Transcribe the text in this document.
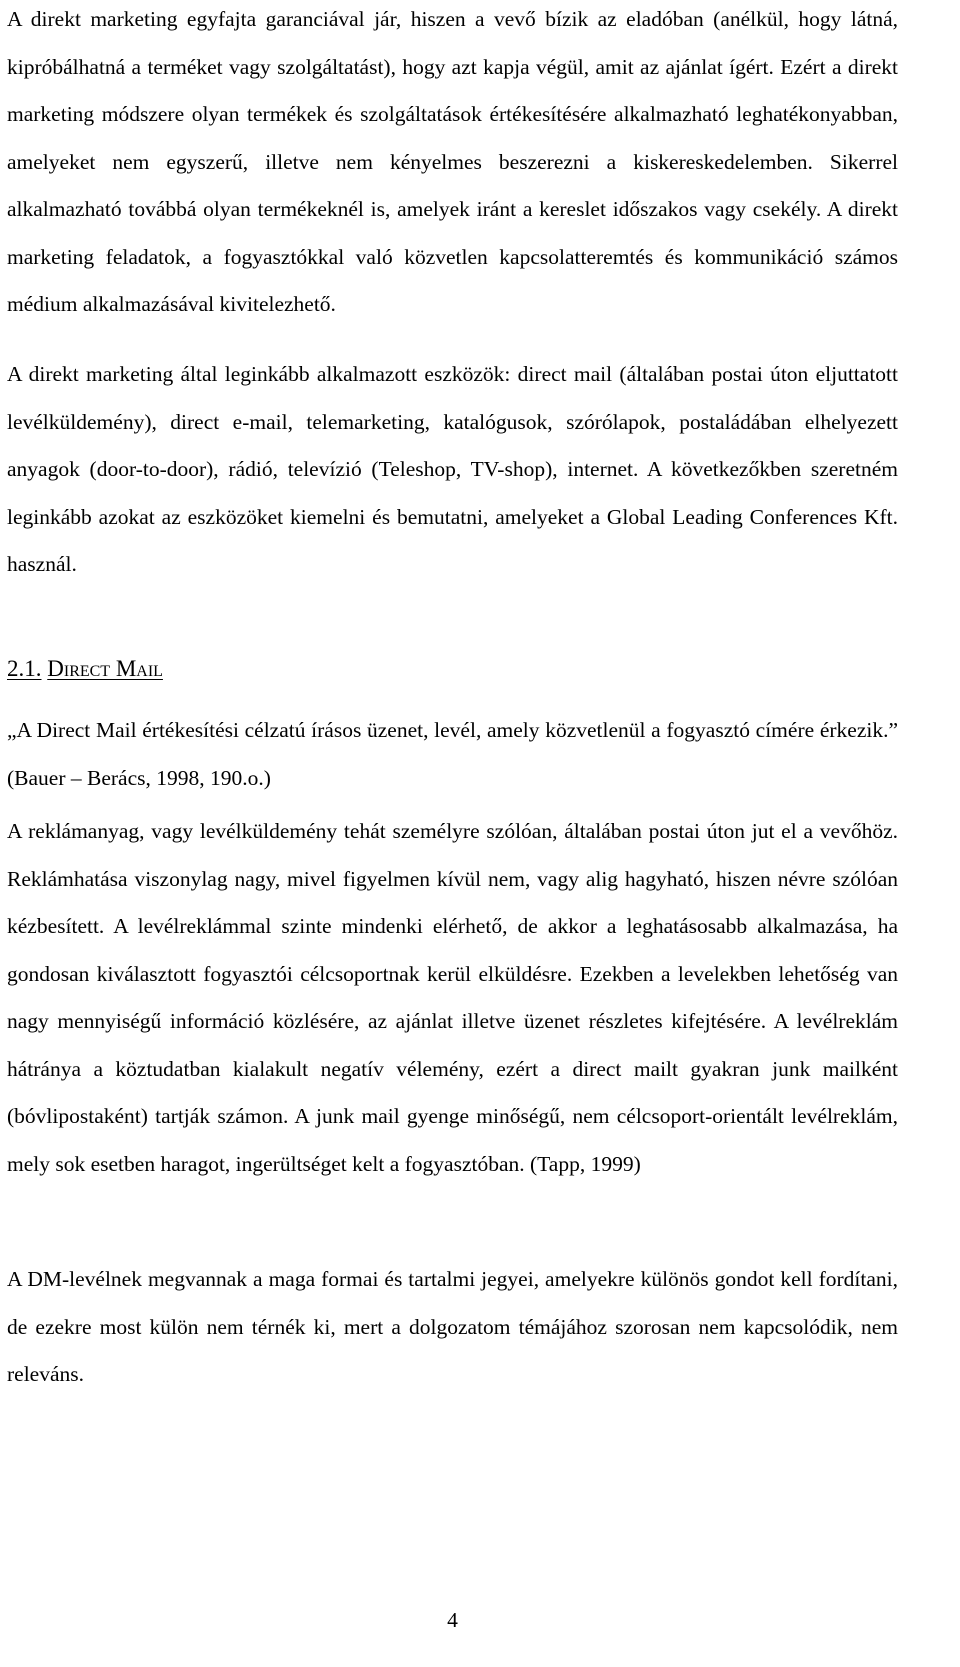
A direkt marketing egyfajta garanciával jár, hiszen a vevő bízik az eladóban (anélkül, hogy látná, kipróbálhatná a terméket vagy szolgáltatást), hogy azt kapja végül, amit az ajánlat ígért. Ezért a direkt marketing módszere olyan termékek és szolgáltatások értékesítésére alkalmazható leghatékonyabban, amelyeket nem egyszerű, illetve nem kényelmes beszerezni a kiskereskedelemben. Sikerrel alkalmazható továbbá olyan termékeknél is, amelyek iránt a kereslet időszakos vagy csekély. A direkt marketing feladatok, a fogyasztókkal való közvetlen kapcsolatteremtés és kommunikáció számos médium alkalmazásával kivitelezhető.

A direkt marketing által leginkább alkalmazott eszközök: direct mail (általában postai úton eljuttatott levélküldemény), direct e-mail, telemarketing, katalógusok, szórólapok, postaládában elhelyezett anyagok (door-to-door), rádió, televízió (Teleshop, TV-shop), internet. A következőkben szeretném leginkább azokat az eszközöket kiemelni és bemutatni, amelyeket a Global Leading Conferences Kft. használ.

2.1. Direct Mail

„A Direct Mail értékesítési célzatú írásos üzenet, levél, amely közvetlenül a fogyasztó címére érkezik.” (Bauer – Berács, 1998, 190.o.)

A reklámanyag, vagy levélküldemény tehát személyre szólóan, általában postai úton jut el a vevőhöz. Reklámhatása viszonylag nagy, mivel figyelmen kívül nem, vagy alig hagyható, hiszen névre szólóan kézbesített. A levélreklámmal szinte mindenki elérhető, de akkor a leghatásosabb alkalmazása, ha gondosan kiválasztott fogyasztói célcsoportnak kerül elküldésre. Ezekben a levelekben lehetőség van nagy mennyiségű információ közlésére, az ajánlat illetve üzenet részletes kifejtésére. A levélreklám hátránya a köztudatban kialakult negatív vélemény, ezért a direct mailt gyakran junk mailként (bóvlipostaként) tartják számon. A junk mail gyenge minőségű, nem célcsoport-orientált levélreklám, mely sok esetben haragot, ingerültséget kelt a fogyasztóban. (Tapp, 1999)

A DM-levélnek megvannak a maga formai és tartalmi jegyei, amelyekre különös gondot kell fordítani, de ezekre most külön nem térnék ki, mert a dolgozatom témájához szorosan nem kapcsolódik, nem releváns.

4
